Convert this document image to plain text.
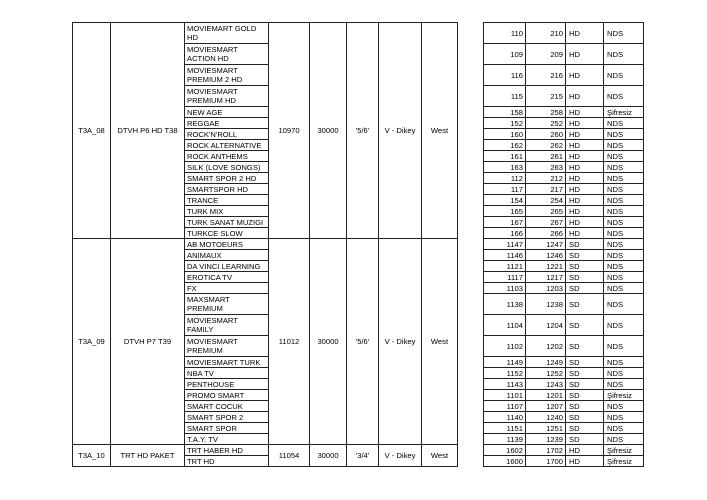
T3A_08	DTVH P6 HD T38	MOVIEMART GOLD HD	10970	30000	'5/6'	V - Dikey	West		110	210	HD	NDS
		MOVIESMART ACTION HD							109	209	HD	NDS
		MOVIESMART PREMIUM 2 HD							116	216	HD	NDS
		MOVIESMART PREMIUM HD							115	215	HD	NDS
		NEW AGE							158	258	HD	Şifresiz
		REGGAE							152	252	HD	NDS
		ROCK'N'ROLL							160	260	HD	NDS
		ROCK ALTERNATIVE							162	262	HD	NDS
		ROCK ANTHEMS							161	261	HD	NDS
		SILK (LOVE SONGS)							163	263	HD	NDS
		SMART SPOR 2 HD							112	212	HD	NDS
		SMARTSPOR HD							117	217	HD	NDS
		TRANCE							154	254	HD	NDS
		TURK MIX							165	265	HD	NDS
		TURK SANAT MUZIGI							167	267	HD	NDS
		TURKCE SLOW							166	266	HD	NDS
T3A_09	DTVH P7 T39	AB MOTOEURS	11012	30000	'5/6'	V - Dikey	West		1147	1247	SD	NDS
		ANIMAUX							1146	1246	SD	NDS
		DA VINCI LEARNING							1121	1221	SD	NDS
		EROTICA TV							1117	1217	SD	NDS
		FX							1103	1203	SD	NDS
		MAXSMART PREMIUM							1138	1238	SD	NDS
		MOVIESMART FAMILY							1104	1204	SD	NDS
		MOVIESMART PREMIUM							1102	1202	SD	NDS
		MOVIESMART TURK							1149	1249	SD	NDS
		NBA TV							1152	1252	SD	NDS
		PENTHOUSE							1143	1243	SD	NDS
		PROMO SMART							1101	1201	SD	Şifresiz
		SMART COCUK							1107	1207	SD	NDS
		SMART SPOR 2							1140	1240	SD	NDS
		SMART SPOR							1151	1251	SD	NDS
		T.A.Y. TV							1139	1239	SD	NDS
T3A_10	TRT HD PAKET	TRT HABER HD	11054	30000	'3/4'	V - Dikey	West		1602	1702	HD	Şifresiz
		TRT HD							1600	1700	HD	Şifresiz
